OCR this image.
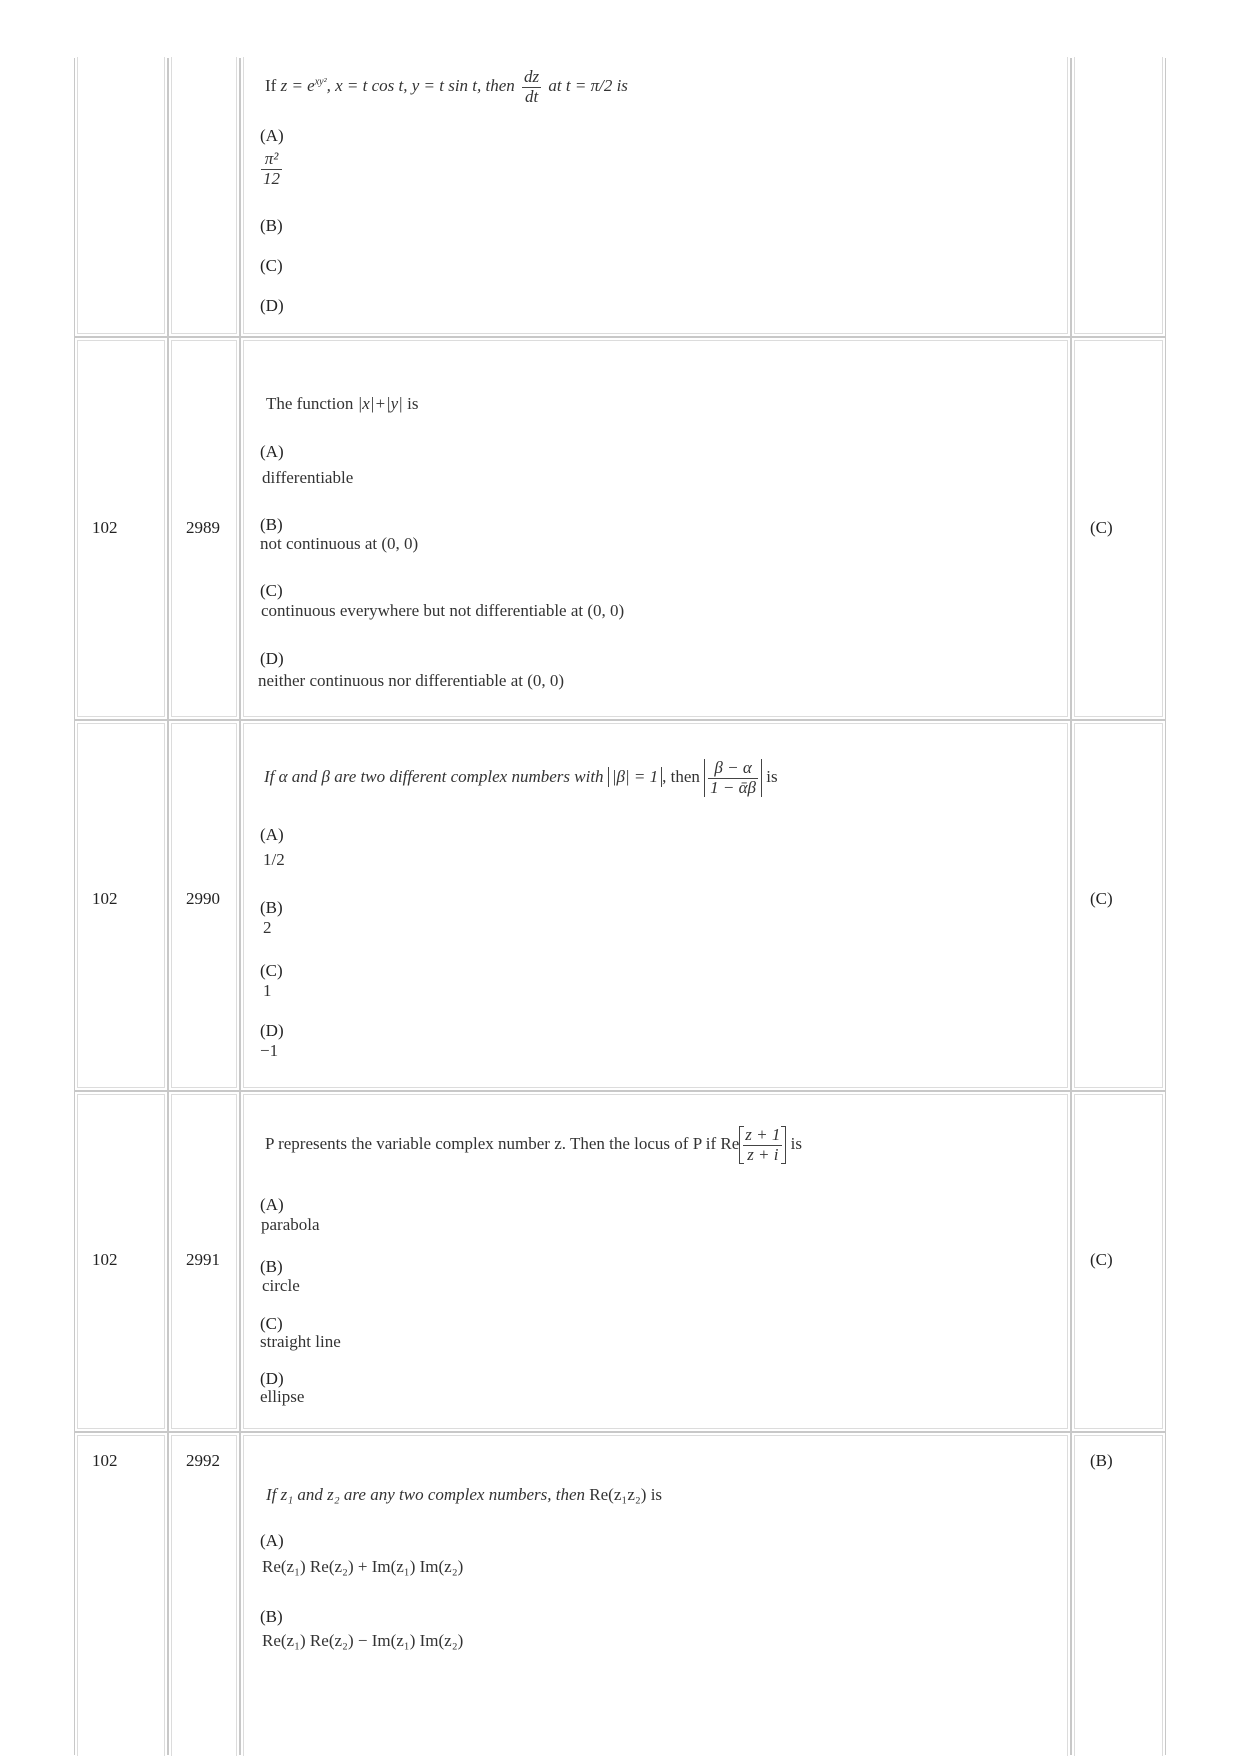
If $z = e^{xy^2}$, x = t cos t, y = t sin t, then $\frac{dz}{dt}$ at t = π/2 is
(A)
$\frac{\text{π²}}{12}$
(B)
(C)
(D)
102	2989
The function |x|+|y| is
(A)
differentiable
(B)
not continuous at (0, 0)
(C)
continuous everywhere but not differentiable at (0, 0)
(D)
neither continuous nor differentiable at (0, 0)
(C)
102	2990
If α and β are two different complex numbers with |β| = 1 , then $\frac{\beta - \alpha}{\text{1 − ᾱβ}}$ is
(A)
1/2
(B)
2
(C)
1
(D)
−1
(C)
102	2991
P represents the variable complex number z. Then the locus of P if Re $\frac{z + 1}{z + i}$ is
(A)
parabola
(B)
circle
(C)
straight line
(D)
ellipse
(C)
102	2992
If z₁ and z₂ are any two complex numbers, then Re(z₁z₂) is
(A)
Re(z₁) Re(z₂) + Im(z₁) Im(z₂)
(B)
Re(z₁) Re(z₂) − Im(z₁) Im(z₂)
(B)
